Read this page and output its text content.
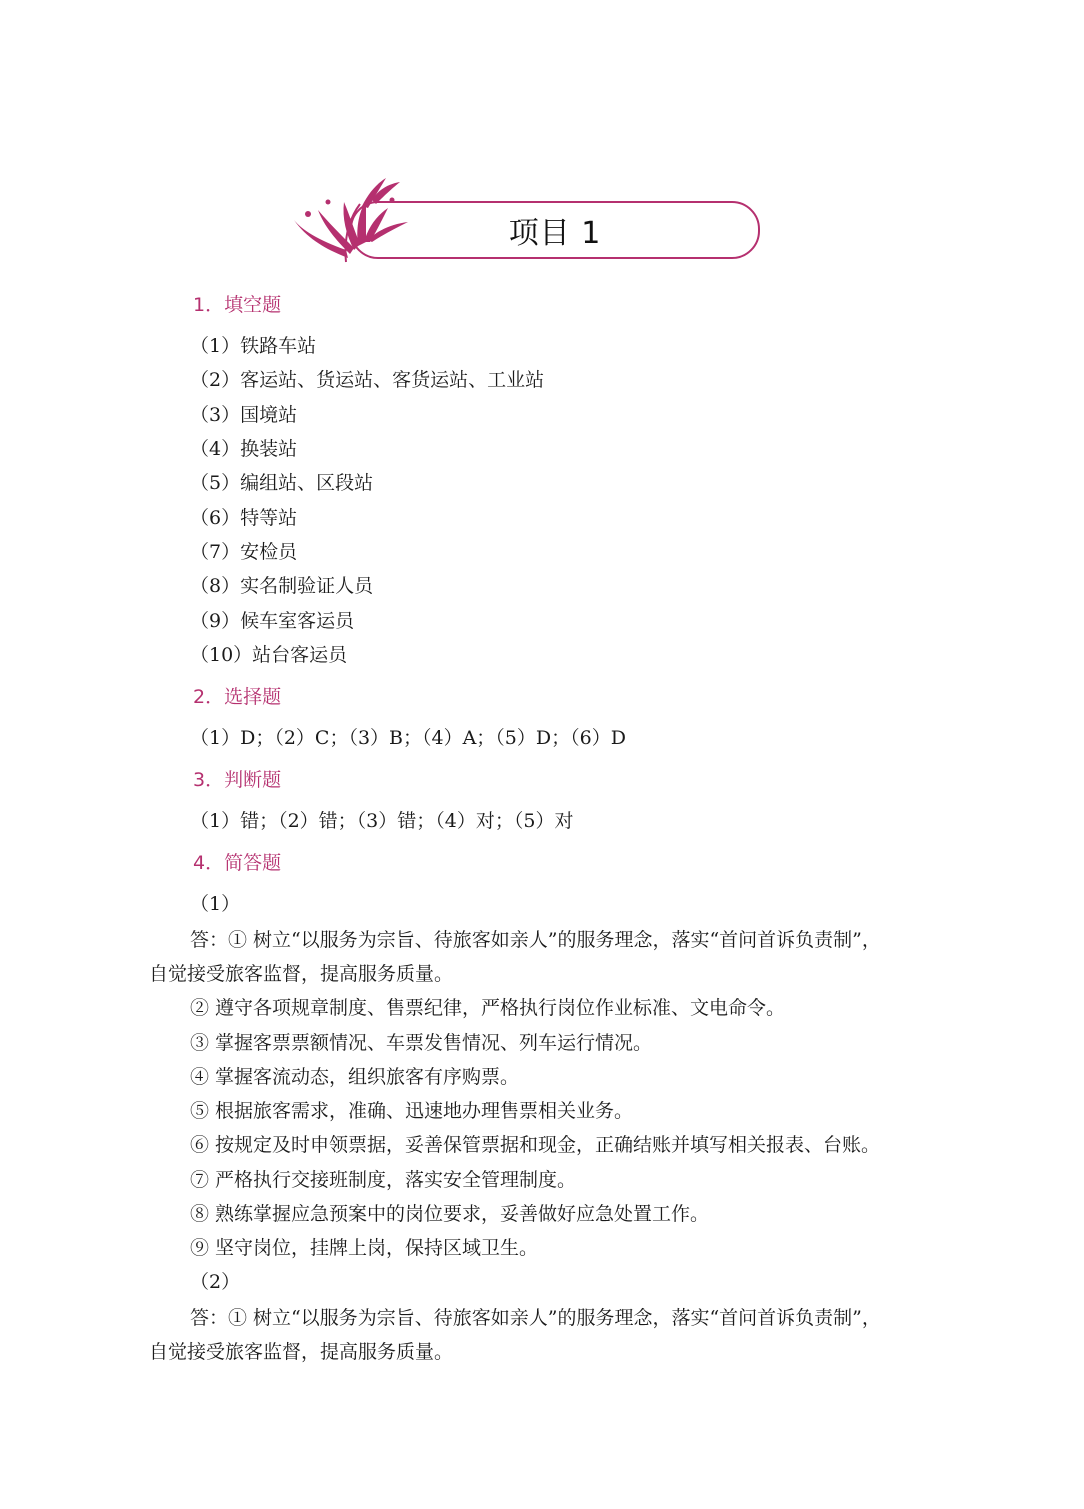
项目 1
1．填空题
（1）铁路车站
（2）客运站、货运站、客货运站、工业站
（3）国境站
（4）换装站
（5）编组站、区段站
（6）特等站
（7）安检员
（8）实名制验证人员
（9）候车室客运员
（10）站台客运员
2．选择题
（1）D；（2）C；（3）B；（4）A；（5）D；（6）D
3．判断题
（1）错；（2）错；（3）错；（4）对；（5）对
4．简答题
（1）
答：① 树立“以服务为宗旨、待旅客如亲人”的服务理念，落实“首问首诉负责制”，
自觉接受旅客监督，提高服务质量。
② 遵守各项规章制度、售票纪律，严格执行岗位作业标准、文电命令。
③ 掌握客票票额情况、车票发售情况、列车运行情况。
④ 掌握客流动态，组织旅客有序购票。
⑤ 根据旅客需求，准确、迅速地办理售票相关业务。
⑥ 按规定及时申领票据，妥善保管票据和现金，正确结账并填写相关报表、台账。
⑦ 严格执行交接班制度，落实安全管理制度。
⑧ 熟练掌握应急预案中的岗位要求，妥善做好应急处置工作。
⑨ 坚守岗位，挂牌上岗，保持区域卫生。
（2）
答：① 树立“以服务为宗旨、待旅客如亲人”的服务理念，落实“首问首诉负责制”，
自觉接受旅客监督，提高服务质量。
